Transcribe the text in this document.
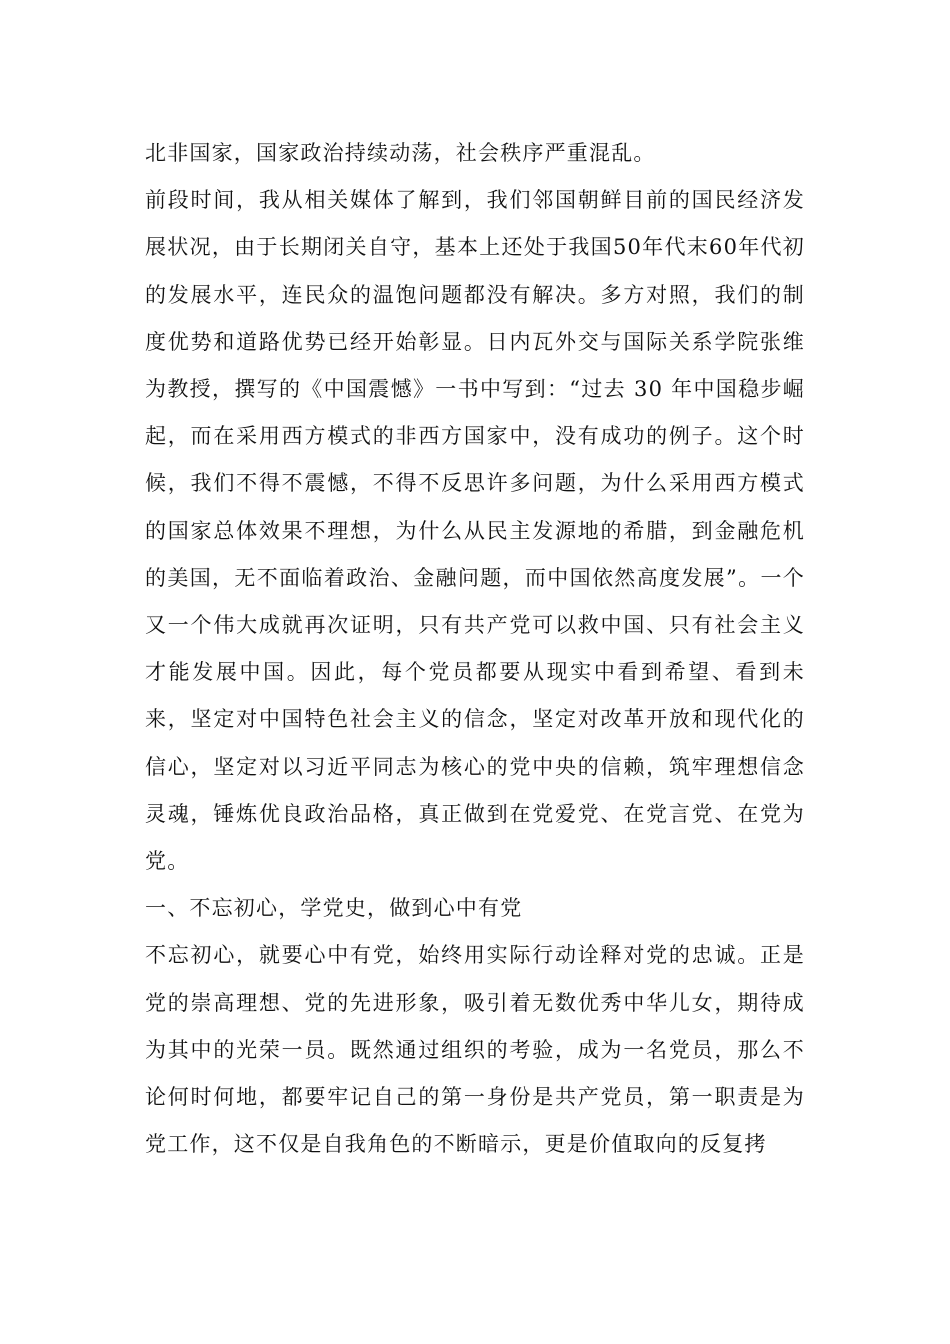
北非国家，国家政治持续动荡，社会秩序严重混乱。

前段时间，我从相关媒体了解到，我们邻国朝鲜目前的国民经济发展状况，由于长期闭关自守，基本上还处于我国50年代末60年代初的发展水平，连民众的温饱问题都没有解决。多方对照，我们的制度优势和道路优势已经开始彰显。日内瓦外交与国际关系学院张维为教授，撰写的《中国震憾》一书中写到：“过去 30 年中国稳步崛起，而在采用西方模式的非西方国家中，没有成功的例子。这个时候，我们不得不震憾，不得不反思许多问题，为什么采用西方模式的国家总体效果不理想，为什么从民主发源地的希腊，到金融危机的美国，无不面临着政治、金融问题，而中国依然高度发展”。一个又一个伟大成就再次证明，只有共产党可以救中国、只有社会主义才能发展中国。因此，每个党员都要从现实中看到希望、看到未来，坚定对中国特色社会主义的信念，坚定对改革开放和现代化的信心，坚定对以习近平同志为核心的党中央的信赖，筑牢理想信念灵魂，锤炼优良政治品格，真正做到在党爱党、在党言党、在党为党。

一、不忘初心，学党史，做到心中有党

不忘初心，就要心中有党，始终用实际行动诠释对党的忠诚。正是党的崇高理想、党的先进形象，吸引着无数优秀中华儿女，期待成为其中的光荣一员。既然通过组织的考验，成为一名党员，那么不论何时何地，都要牢记自己的第一身份是共产党员，第一职责是为党工作，这不仅是自我角色的不断暗示，更是价值取向的反复拷
